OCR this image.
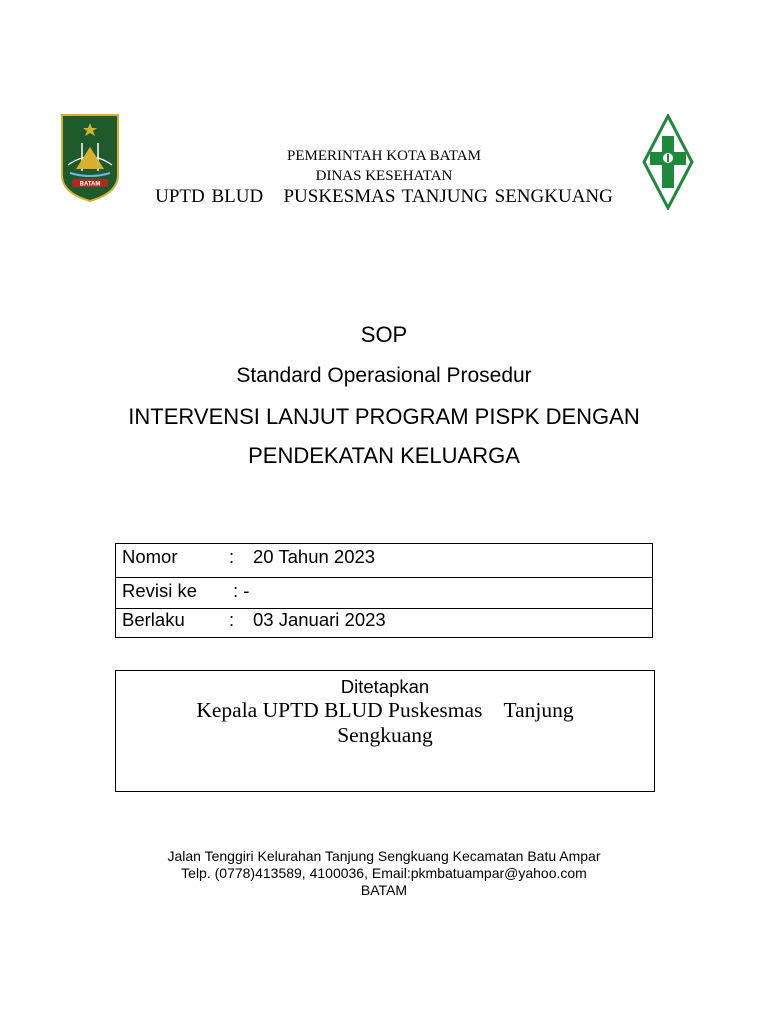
BATAM
PEMERINTAH KOTA BATAM
DINAS KESEHATAN
UPTD BLUD   PUSKESMAS TANJUNG SENGKUANG
SOP
Standard Operasional Prosedur
INTERVENSI LANJUT PROGRAM PISPK DENGAN
PENDEKATAN KELUARGA
Nomor	: 20 Tahun 2023
Revisi ke : -
Berlaku : 03 Januari 2023
Ditetapkan
Kepala UPTD BLUD Puskesmas    Tanjung
Sengkuang
Jalan Tenggiri Kelurahan Tanjung Sengkuang Kecamatan Batu Ampar
Telp. (0778)413589, 4100036, Email:pkmbatuampar@yahoo.com
BATAM
